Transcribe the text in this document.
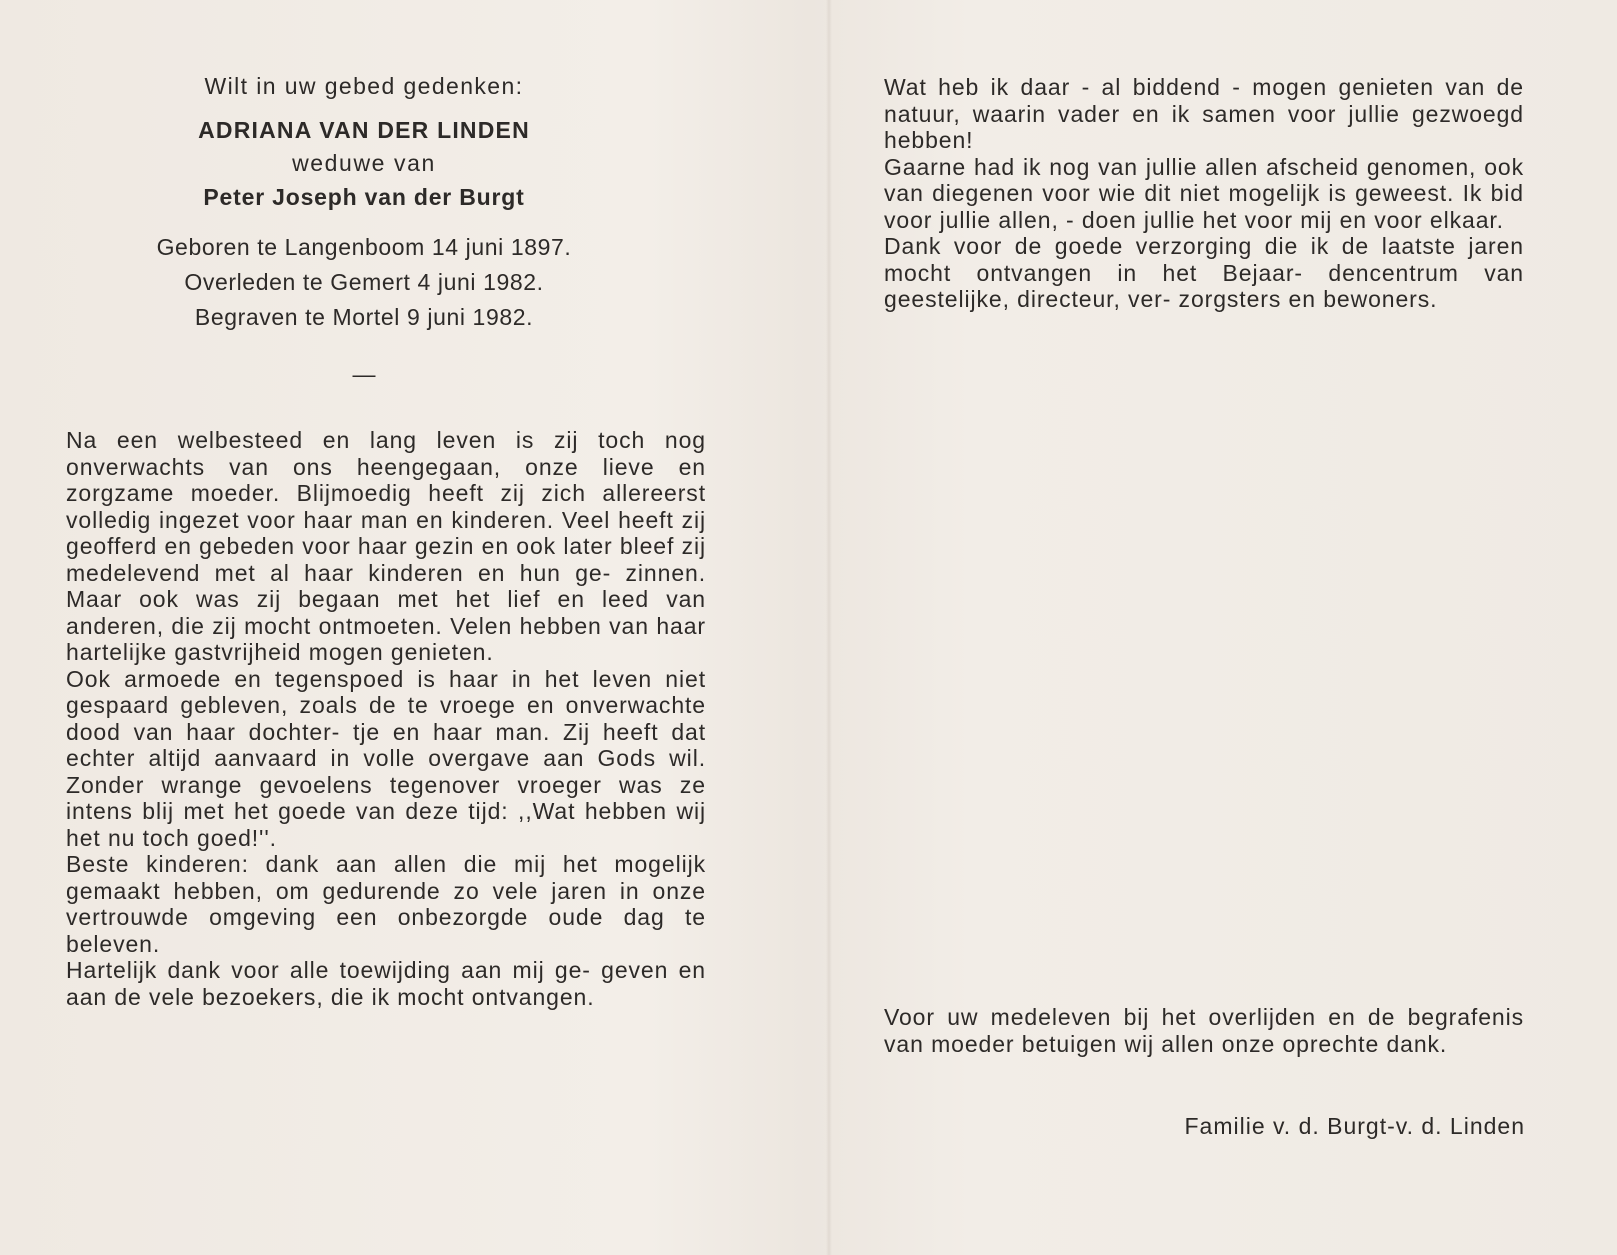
Wilt in uw gebed gedenken:

ADRIANA VAN DER LINDEN

weduwe van

Peter Joseph van der Burgt

Geboren te Langenboom 14 juni 1897.

Overleden te Gemert 4 juni 1982.

Begraven te Mortel 9 juni 1982.

—

Na een welbesteed en lang leven is zij toch nog onverwachts van ons heengegaan, onze lieve en zorgzame moeder. Blijmoedig heeft zij zich allereerst volledig ingezet voor haar man en kinderen. Veel heeft zij geofferd en gebeden voor haar gezin en ook later bleef zij medelevend met al haar kinderen en hun ge- zinnen. Maar ook was zij begaan met het lief en leed van anderen, die zij mocht ontmoeten. Velen hebben van haar hartelijke gastvrijheid mogen genieten.

Ook armoede en tegenspoed is haar in het leven niet gespaard gebleven, zoals de te vroege en onverwachte dood van haar dochter- tje en haar man. Zij heeft dat echter altijd aanvaard in volle overgave aan Gods wil. Zonder wrange gevoelens tegenover vroeger was ze intens blij met het goede van deze tijd: ,,Wat hebben wij het nu toch goed!''.

Beste kinderen: dank aan allen die mij het mogelijk gemaakt hebben, om gedurende zo vele jaren in onze vertrouwde omgeving een onbezorgde oude dag te beleven.

Hartelijk dank voor alle toewijding aan mij ge- geven en aan de vele bezoekers, die ik mocht ontvangen.

Wat heb ik daar - al biddend - mogen genieten van de natuur, waarin vader en ik samen voor jullie gezwoegd hebben!

Gaarne had ik nog van jullie allen afscheid genomen, ook van diegenen voor wie dit niet mogelijk is geweest. Ik bid voor jullie allen, - doen jullie het voor mij en voor elkaar.

Dank voor de goede verzorging die ik de laatste jaren mocht ontvangen in het Bejaar- dencentrum van geestelijke, directeur, ver- zorgsters en bewoners.

Voor uw medeleven bij het overlijden en de begrafenis van moeder betuigen wij allen onze oprechte dank.

Familie v. d. Burgt-v. d. Linden
